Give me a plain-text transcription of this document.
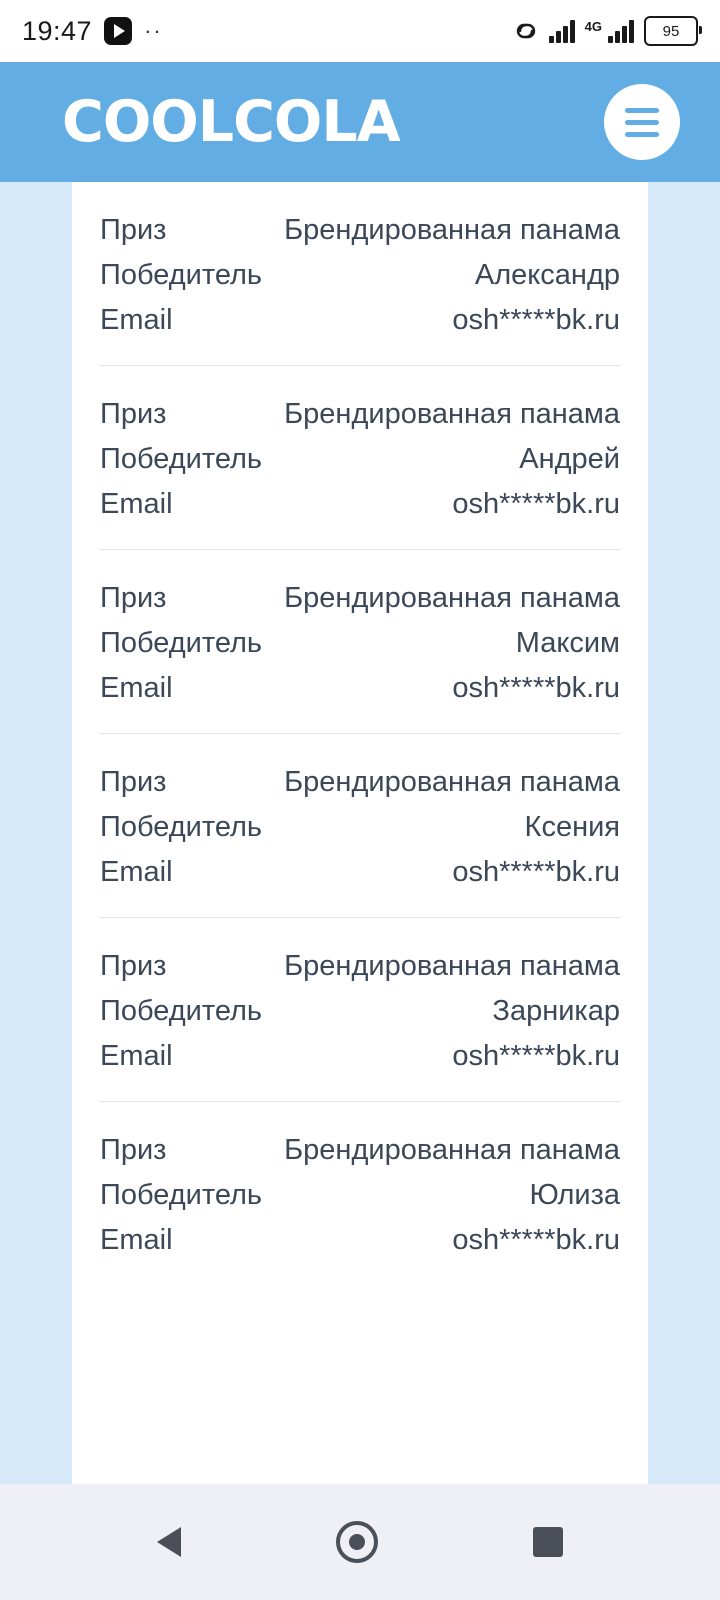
19:47 ··	4G	95
COOLCOLA
Приз	Брендированная панама
Победитель	Александр
Email	osh*****bk.ru
Приз	Брендированная панама
Победитель	Андрей
Email	osh*****bk.ru
Приз	Брендированная панама
Победитель	Максим
Email	osh*****bk.ru
Приз	Брендированная панама
Победитель	Ксения
Email	osh*****bk.ru
Приз	Брендированная панама
Победитель	Зарникар
Email	osh*****bk.ru
Приз	Брендированная панама
Победитель	Юлиза
Email	osh*****bk.ru
